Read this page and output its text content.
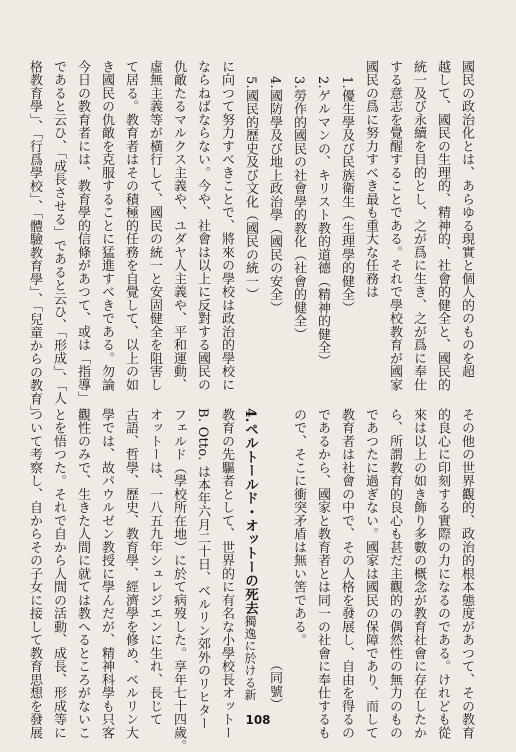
國民の政治化とは、あらゆる現實と個人的のものを超
越して、國民の生理的、精神的、社會的健全と、國民的
統一及び永續を目的とし、之が爲に生き、之が爲に奉仕
する意志を覺醒することである。それで學校教育が國家
國民の爲に努力すべき最も重大な任務は
1.優生學及び民族衛生（生理學的健全）
2.ゲルマンの、キリスト教的道德（精神的健全）
3.勞作的國民の社會學的教化（社會的健全）
4.國防學及び地上政治學（國民の安全）
5.國民的歷史及び文化（國民の統一）
に向つて努力すべきことで、將來の學校は政治的學校に
ならねばならない。今や、社會は以上に反對する國民の
仇敵たるマルクス主義や、ユダヤ人主義や、平和運動、
虛無主義等が橫行して、國民の統一と安固健全を阻害し
て居る。教育者はその積極的任務を自覺して、以上の如
き國民の仇敵を克服することに猛進すべきである。勿論
今日の教育者には、教育學的信條があつて、或は「指導」
であると云ひ、「成長させる」であると云ひ、「形成」、「人
格教育學」、「行爲學校」、「體驗教育學」、「兒童からの教育」

その他の世界觀的、政治的根本態度があつて、その教育
的良心に印刻する實際の力になるのである。けれども從
來は以上の如き飾り多數の概念が教育社會に存在したか
ら、所謂教育的良心も甚だ主觀的の偶然性の無力のもの
であつたに過ぎない。國家は國民の保障であり、而して
教育者は社會の中で、その人格を發展し、自由を得るの
であるから、國家と教育者とは同一の社會に奉仕するも
ので、そこに衝突矛盾は無い筈である。
（同號）
4.ペルトールド・オットーの死去獨逸に於ける新
教育の先驅者として、世界的に有名な小學校長オットー
B. Otto. は本年六月二十日、ベルリン郊外のリヒター
フェルド（學校所在地）に於て病歿した。享年七十四歲。
オットーは、一八五九年シュレジエンに生れ、長じて
古語、哲學、歷史、教育學、經濟學を修め、ベルリン大
學では、故パウルゼン教授に學んだが、精神科學も只客
觀性のみで、生きた人間に就ては教へるところがないこ
とを悟つた。それで自から人間の活動、成長、形成等に
ついて考察し、自からその子女に接して教育思想を發展
	108
